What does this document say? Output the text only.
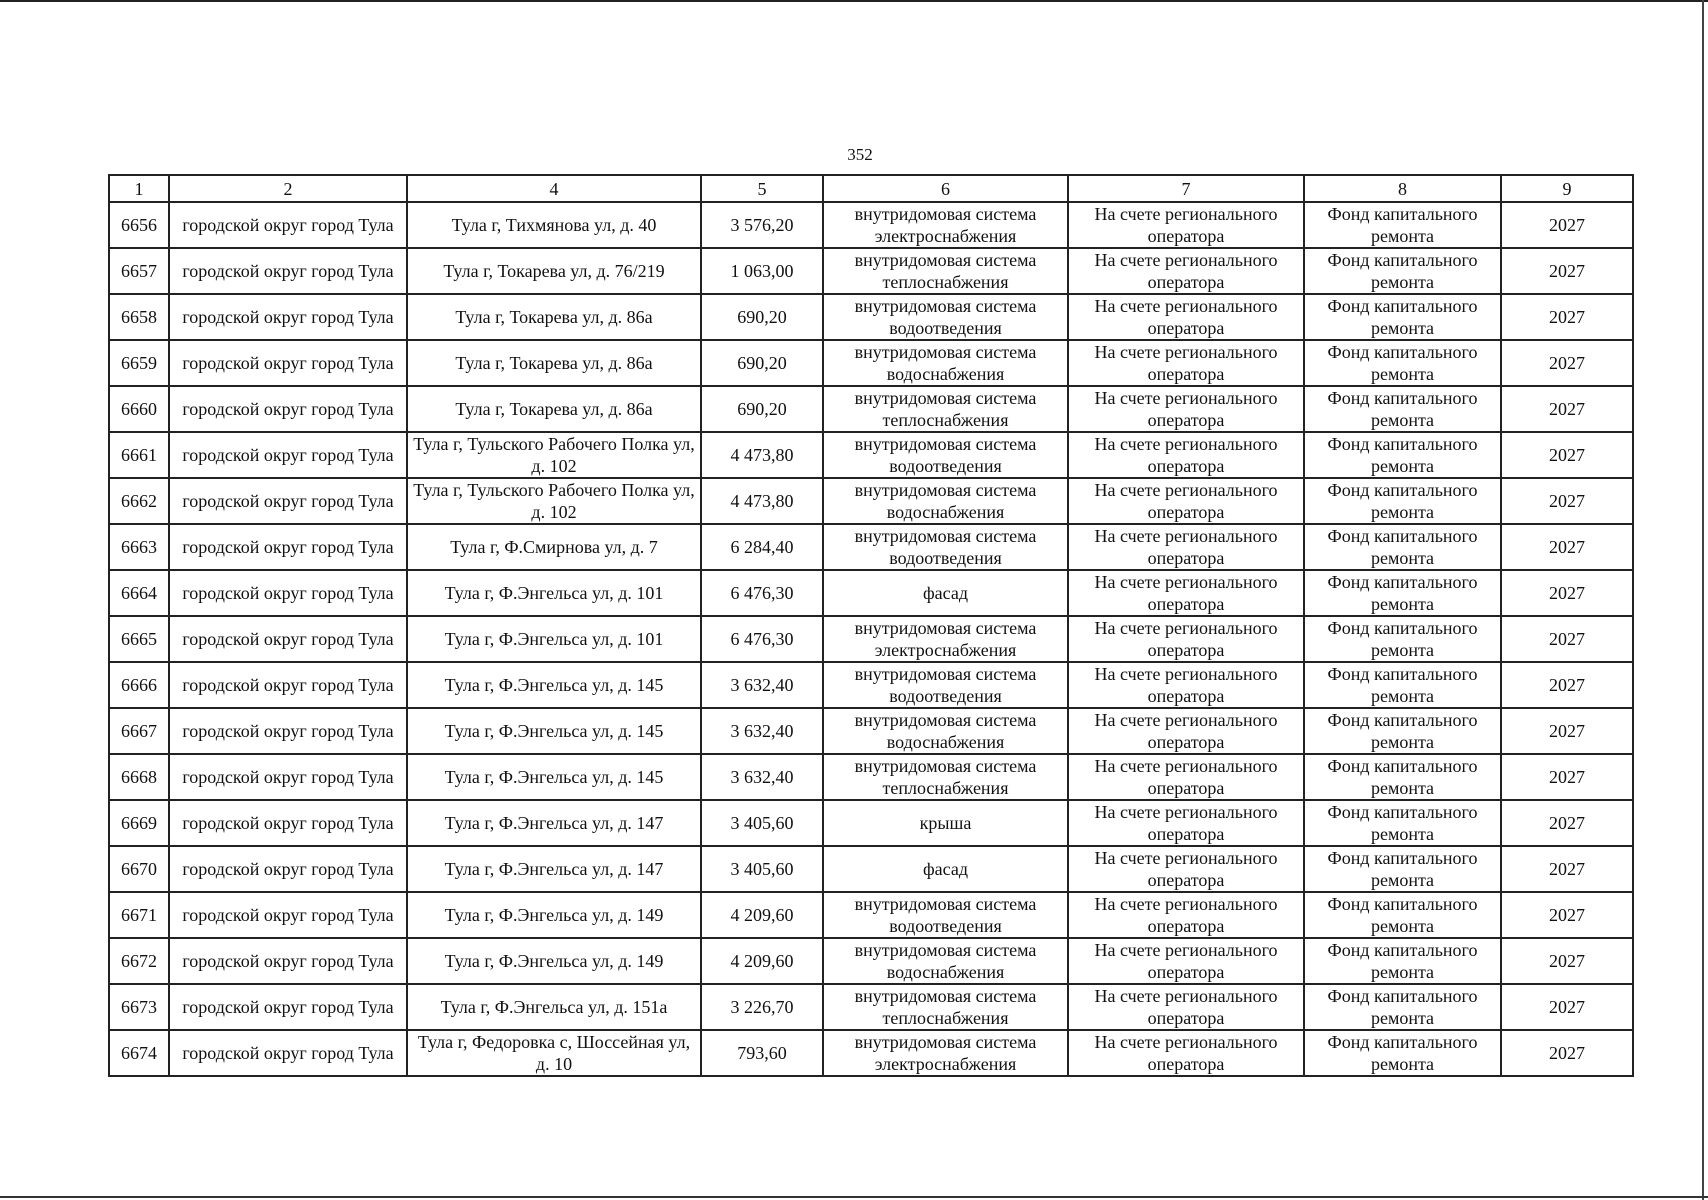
352
1	2	4	5	6	7	8	9
6656	городской округ город Тула	Тула г, Тихмянова ул, д. 40	3 576,20	внутридомовая система электроснабжения	На счете регионального оператора	Фонд капитального ремонта	2027
6657	городской округ город Тула	Тула г, Токарева ул, д. 76/219	1 063,00	внутридомовая система теплоснабжения	На счете регионального оператора	Фонд капитального ремонта	2027
6658	городской округ город Тула	Тула г, Токарева ул, д. 86а	690,20	внутридомовая система водоотведения	На счете регионального оператора	Фонд капитального ремонта	2027
6659	городской округ город Тула	Тула г, Токарева ул, д. 86а	690,20	внутридомовая система водоснабжения	На счете регионального оператора	Фонд капитального ремонта	2027
6660	городской округ город Тула	Тула г, Токарева ул, д. 86а	690,20	внутридомовая система теплоснабжения	На счете регионального оператора	Фонд капитального ремонта	2027
6661	городской округ город Тула	Тула г, Тульского Рабочего Полка ул, д. 102	4 473,80	внутридомовая система водоотведения	На счете регионального оператора	Фонд капитального ремонта	2027
6662	городской округ город Тула	Тула г, Тульского Рабочего Полка ул, д. 102	4 473,80	внутридомовая система водоснабжения	На счете регионального оператора	Фонд капитального ремонта	2027
6663	городской округ город Тула	Тула г, Ф.Смирнова ул, д. 7	6 284,40	внутридомовая система водоотведения	На счете регионального оператора	Фонд капитального ремонта	2027
6664	городской округ город Тула	Тула г, Ф.Энгельса ул, д. 101	6 476,30	фасад	На счете регионального оператора	Фонд капитального ремонта	2027
6665	городской округ город Тула	Тула г, Ф.Энгельса ул, д. 101	6 476,30	внутридомовая система электроснабжения	На счете регионального оператора	Фонд капитального ремонта	2027
6666	городской округ город Тула	Тула г, Ф.Энгельса ул, д. 145	3 632,40	внутридомовая система водоотведения	На счете регионального оператора	Фонд капитального ремонта	2027
6667	городской округ город Тула	Тула г, Ф.Энгельса ул, д. 145	3 632,40	внутридомовая система водоснабжения	На счете регионального оператора	Фонд капитального ремонта	2027
6668	городской округ город Тула	Тула г, Ф.Энгельса ул, д. 145	3 632,40	внутридомовая система теплоснабжения	На счете регионального оператора	Фонд капитального ремонта	2027
6669	городской округ город Тула	Тула г, Ф.Энгельса ул, д. 147	3 405,60	крыша	На счете регионального оператора	Фонд капитального ремонта	2027
6670	городской округ город Тула	Тула г, Ф.Энгельса ул, д. 147	3 405,60	фасад	На счете регионального оператора	Фонд капитального ремонта	2027
6671	городской округ город Тула	Тула г, Ф.Энгельса ул, д. 149	4 209,60	внутридомовая система водоотведения	На счете регионального оператора	Фонд капитального ремонта	2027
6672	городской округ город Тула	Тула г, Ф.Энгельса ул, д. 149	4 209,60	внутридомовая система водоснабжения	На счете регионального оператора	Фонд капитального ремонта	2027
6673	городской округ город Тула	Тула г, Ф.Энгельса ул, д. 151а	3 226,70	внутридомовая система теплоснабжения	На счете регионального оператора	Фонд капитального ремонта	2027
6674	городской округ город Тула	Тула г, Федоровка с, Шоссейная ул, д. 10	793,60	внутридомовая система электроснабжения	На счете регионального оператора	Фонд капитального ремонта	2027
